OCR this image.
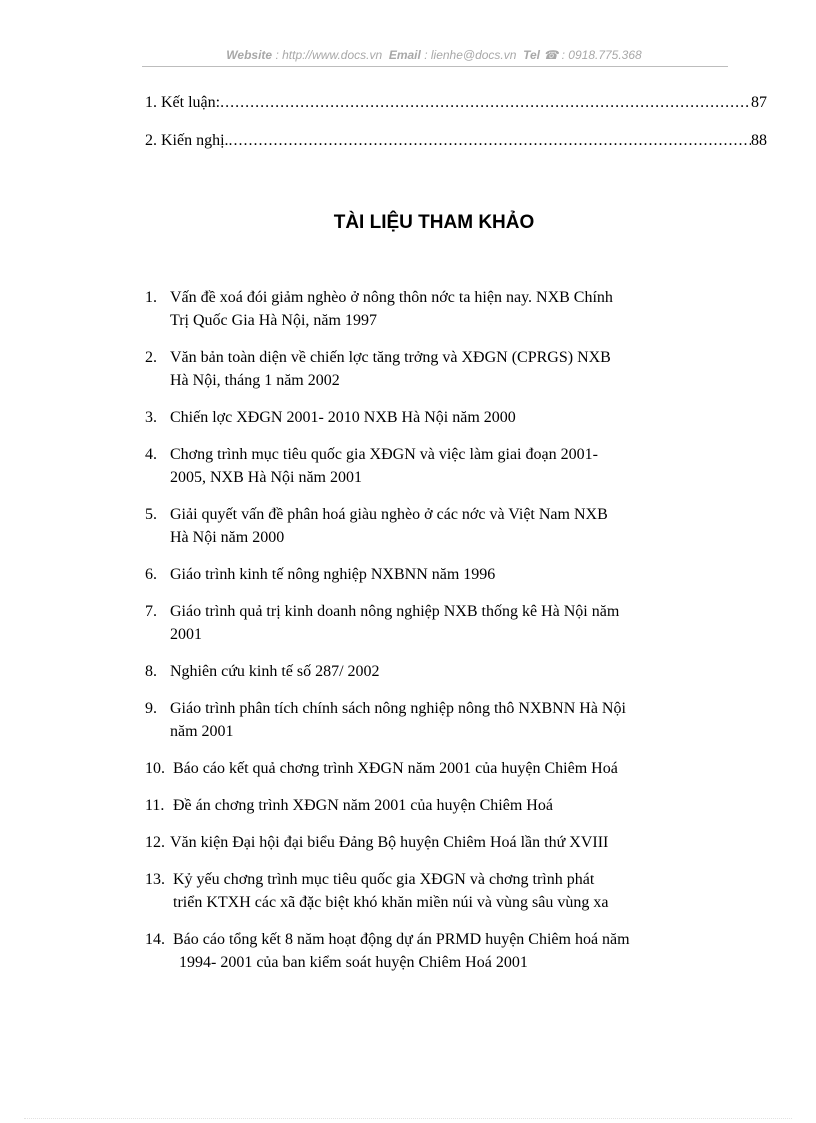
Website : http://www.docs.vn Email : lienhe@docs.vn Tel ☎ : 0918.775.368
1. Kết luận: .....	87
2. Kiến nghị. .....	88
TÀI LIỆU THAM KHẢO
1. Vấn đề xoá đói giảm nghèo ở nông thôn nớc ta hiện nay. NXB Chính
Trị Quốc Gia Hà Nội, năm 1997
2. Văn bản toàn diện về chiến lợc tăng trởng và XĐGN (CPRGS) NXB
Hà Nội, tháng 1 năm 2002
3. Chiến lợc XĐGN 2001- 2010 NXB Hà Nội năm 2000
4. Chơng trình mục tiêu quốc gia XĐGN và việc làm giai đoạn 2001-
2005, NXB Hà Nội năm 2001
5. Giải quyết vấn đề phân hoá giàu nghèo ở các nớc và Việt Nam NXB
Hà Nội năm 2000
6. Giáo trình kinh tế nông nghiệp NXBNN năm 1996
7. Giáo trình quả trị kinh doanh nông nghiệp NXB thống kê Hà Nội năm
2001
8. Nghiên cứu kinh tế số 287/ 2002
9. Giáo trình phân tích chính sách nông nghiệp nông thô NXBNN Hà Nội
năm 2001
10. Báo cáo kết quả chơng trình XĐGN năm 2001 của huyện Chiêm Hoá
11. Đề án chơng trình XĐGN năm 2001 của huyện Chiêm Hoá
12. Văn kiện Đại hội đại biểu Đảng Bộ huyện Chiêm Hoá lần thứ XVIII
13. Kỷ yếu chơng trình mục tiêu quốc gia XĐGN và chơng trình phát
triển KTXH các xã đặc biệt khó khăn miền núi và vùng sâu vùng xa
14. Báo cáo tổng kết 8 năm hoạt động dự án PRMD huyện Chiêm hoá năm
1994- 2001 của ban kiểm soát huyện Chiêm Hoá 2001
